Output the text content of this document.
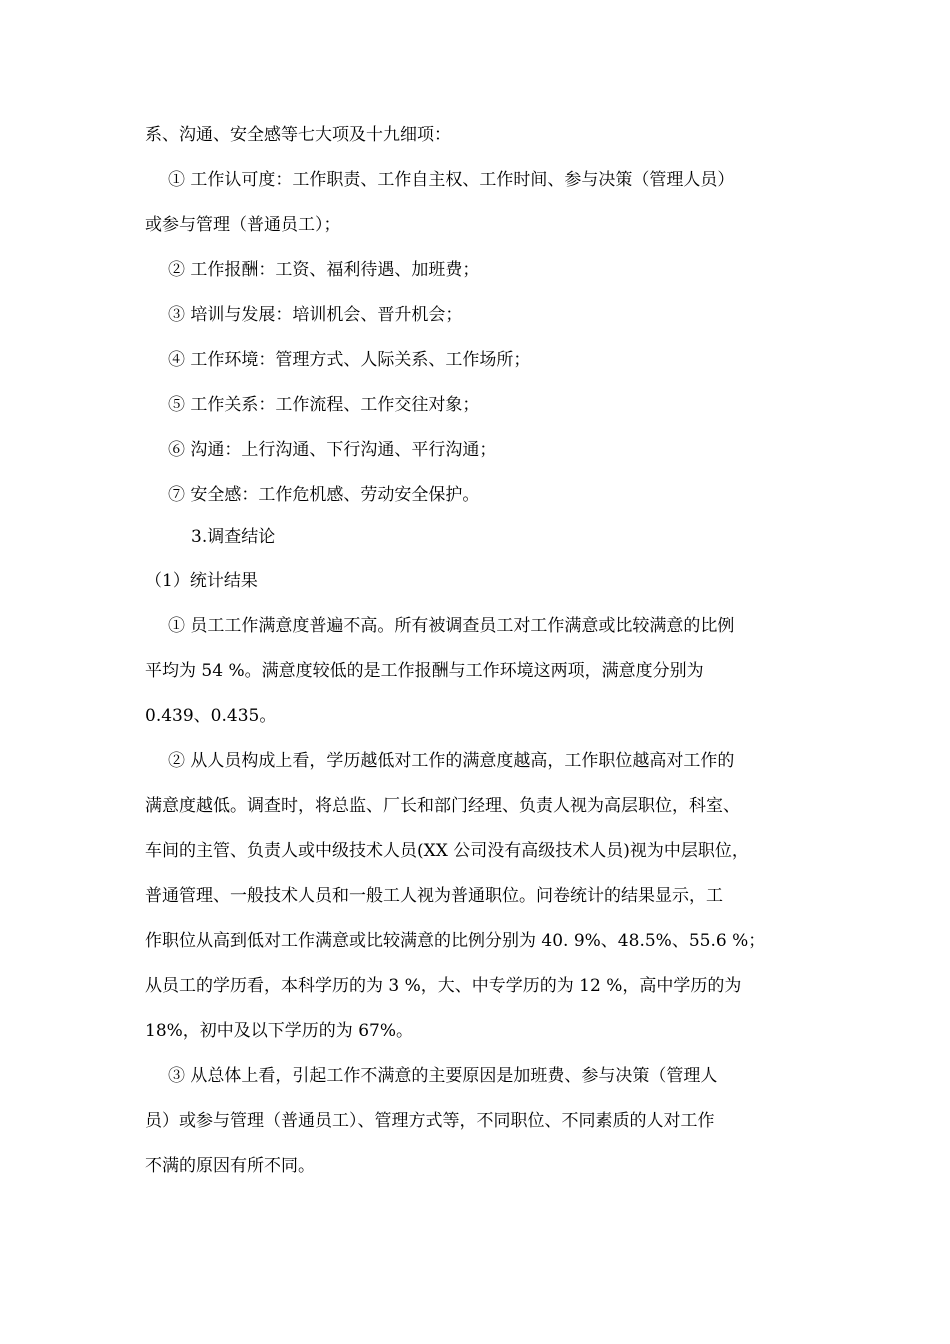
系、沟通、安全感等七大项及十九细项：
① 工作认可度：工作职责、工作自主权、工作时间、参与决策（管理人员）
或参与管理（普通员工）；
② 工作报酬：工资、福利待遇、加班费；
③ 培训与发展：培训机会、晋升机会；
④ 工作环境：管理方式、人际关系、工作场所；
⑤ 工作关系：工作流程、工作交往对象；
⑥ 沟通：上行沟通、下行沟通、平行沟通；
⑦ 安全感：工作危机感、劳动安全保护。
3.调查结论
（1）统计结果
① 员工工作满意度普遍不高。所有被调查员工对工作满意或比较满意的比例
平均为 54 %。满意度较低的是工作报酬与工作环境这两项，满意度分别为
0.439、0.435。
② 从人员构成上看，学历越低对工作的满意度越高，工作职位越高对工作的
满意度越低。调查时，将总监、厂长和部门经理、负责人视为高层职位，科室、
车间的主管、负责人或中级技术人员(XX 公司没有高级技术人员)视为中层职位，
普通管理、一般技术人员和一般工人视为普通职位。问卷统计的结果显示，工
作职位从高到低对工作满意或比较满意的比例分别为 40. 9%、48.5%、55.6 %；
从员工的学历看，本科学历的为 3 %，大、中专学历的为 12 %，高中学历的为
18%，初中及以下学历的为 67%。
③ 从总体上看，引起工作不满意的主要原因是加班费、参与决策（管理人
员）或参与管理（普通员工）、管理方式等，不同职位、不同素质的人对工作
不满的原因有所不同。
